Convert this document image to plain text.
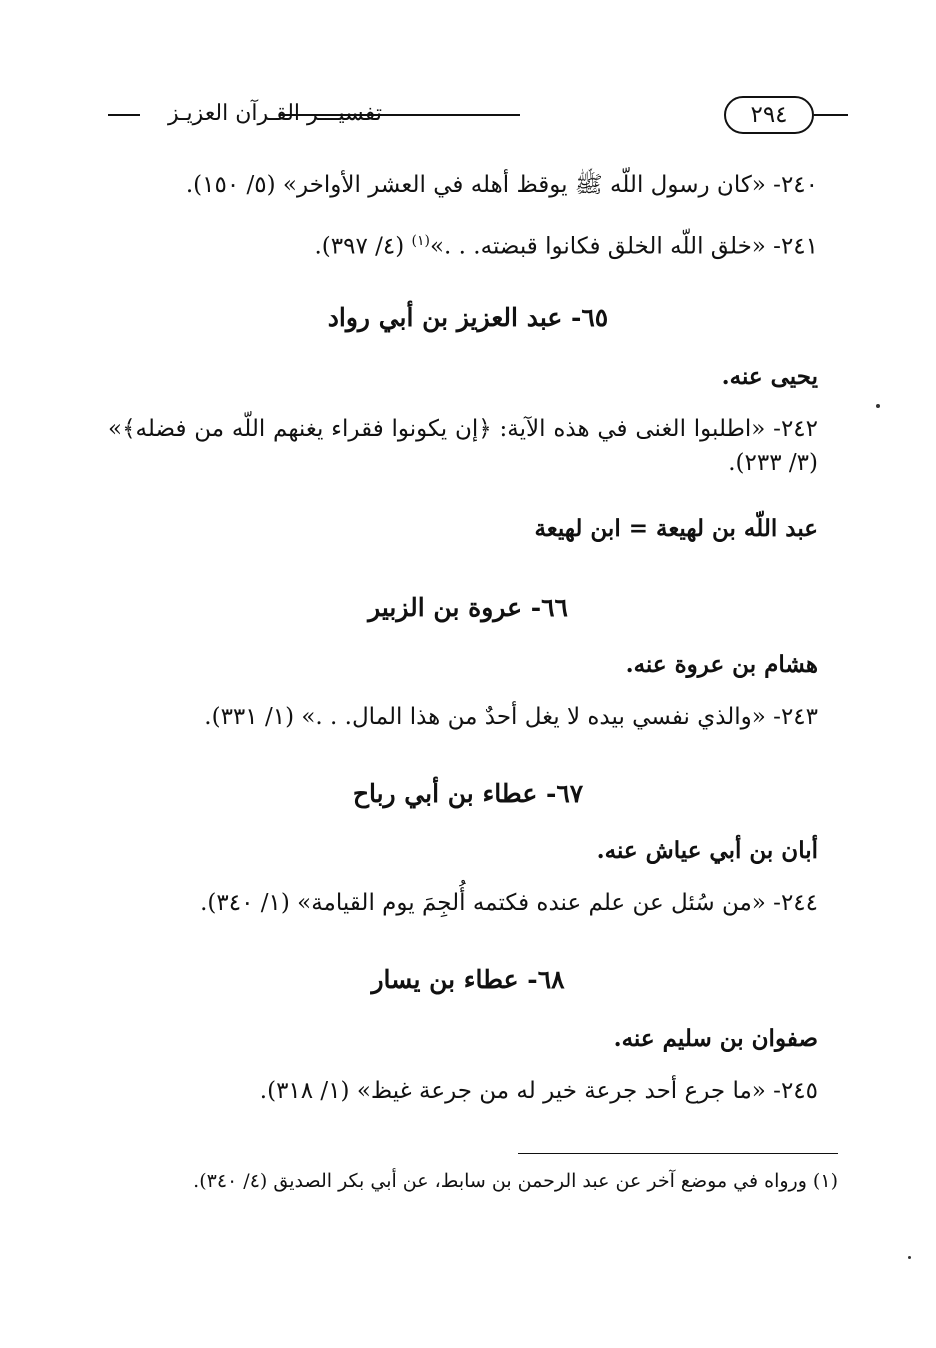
٢٩٤
تفسيـــر القـرآن العزيـز
٢٤٠- «كان رسول اللّه ﷺ يوقظ أهله في العشر الأواخر» (٥/ ١٥٠).
٢٤١- «خلق اللّه الخلق فكانوا قبضته. . .»$^{(١)}$ (٤/ ٣٩٧).
٦٥- عبد العزيز بن أبي رواد
يحيى عنه.
٢٤٢- «اطلبوا الغنى في هذه الآية: ﴿إن يكونوا فقراء يغنهم اللّه من فضله﴾» (٣/ ٢٣٣).
عبد اللّه بن لهيعة = ابن لهيعة
٦٦- عروة بن الزبير
هشام بن عروة عنه.
٢٤٣- «والذي نفسي بيده لا يغل أحدٌ من هذا المال. . .» (١/ ٣٣١).
٦٧- عطاء بن أبي رباح
أبان بن أبي عياش عنه.
٢٤٤- «من سُئل عن علم عنده فكتمه أُلجِمَ يوم القيامة» (١/ ٣٤٠).
٦٨- عطاء بن يسار
صفوان بن سليم عنه.
٢٤٥- «ما جرع أحد جرعة خير له من جرعة غيظ» (١/ ٣١٨).
(١) ورواه في موضع آخر عن عبد الرحمن بن سابط، عن أبي بكر الصديق (٤/ ٣٤٠).
